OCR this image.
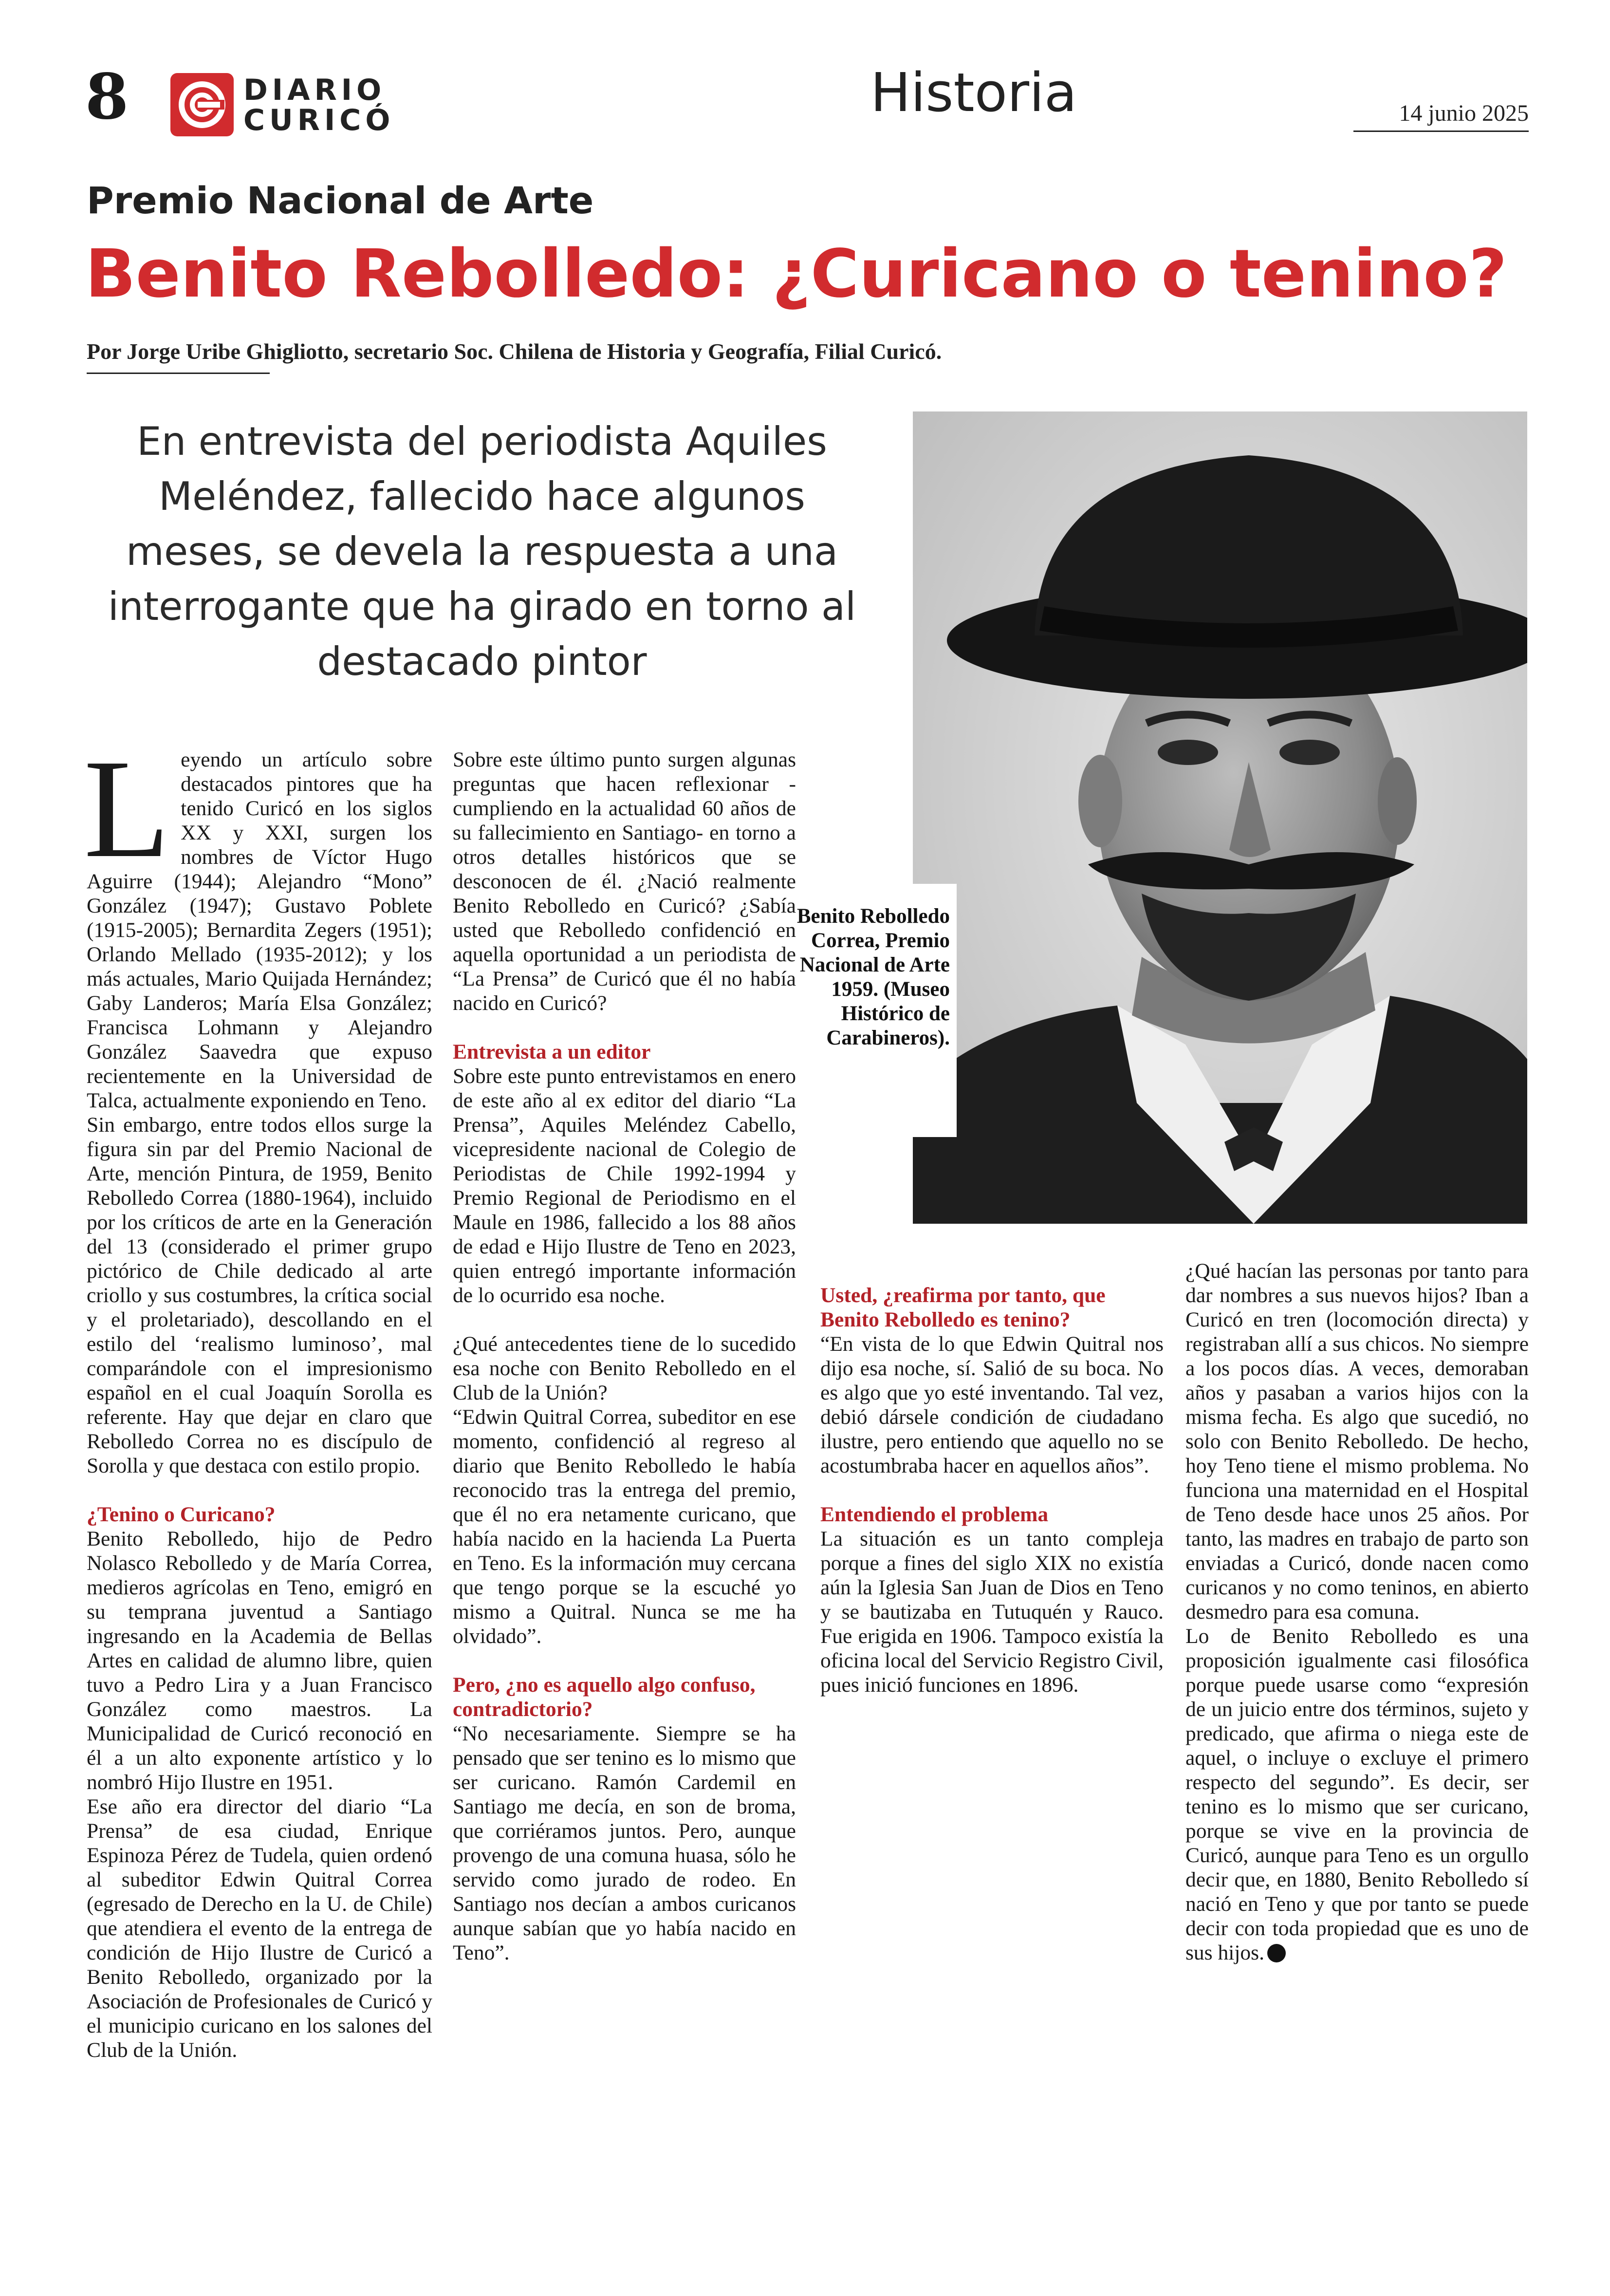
8	DIARIO
CURICÓ	Historia	14 junio 2025
Premio Nacional de Arte
Benito Rebolledo: ¿Curicano o tenino?
Por Jorge Uribe Ghigliotto, secretario Soc. Chilena de Historia y Geografía, Filial Curicó.
En entrevista del periodista Aquiles Meléndez, fallecido hace algunos meses, se devela la respuesta a una interrogante que ha girado en torno al destacado pintor
Benito Rebolledo Correa, Premio Nacional de Arte 1959. (Museo Histórico de Carabineros).
L eyendo un artículo sobre destacados pintores que ha tenido Curicó en los siglos XX y XXI, surgen los nombres de Víctor Hugo Aguirre (1944); Alejandro “Mono” González (1947); Gustavo Poblete (1915-2005); Bernardita Zegers (1951); Orlando Mellado (1935-2012); y los más actuales, Mario Quijada Hernández; Gaby Landeros; María Elsa González; Francisca Lohmann y Alejandro González Saavedra que expuso recientemente en la Universidad de Talca, actualmente exponiendo en Teno.

Sin embargo, entre todos ellos surge la figura sin par del Premio Nacional de Arte, mención Pintura, de 1959, Benito Rebolledo Correa (1880-1964), incluido por los críticos de arte en la Generación del 13 (considerado el primer grupo pictórico de Chile dedicado al arte criollo y sus costumbres, la crítica social y el proletariado), descollando en el estilo del ‘realismo luminoso’, mal comparándole con el impresionismo español en el cual Joaquín Sorolla es referente. Hay que dejar en claro que Rebolledo Correa no es discípulo de Sorolla y que destaca con estilo propio.

¿Tenino o Curicano?

Benito Rebolledo, hijo de Pedro Nolasco Rebolledo y de María Correa, medieros agrícolas en Teno, emigró en su temprana juventud a Santiago ingresando en la Academia de Bellas Artes en calidad de alumno libre, quien tuvo a Pedro Lira y a Juan Francisco González como maestros. La Municipalidad de Curicó reconoció en él a un alto exponente artístico y lo nombró Hijo Ilustre en 1951.

Ese año era director del diario “La Prensa” de esa ciudad, Enrique Espinoza Pérez de Tudela, quien ordenó al subeditor Edwin Quitral Correa (egresado de Derecho en la U. de Chile) que atendiera el evento de la entrega de condición de Hijo Ilustre de Curicó a Benito Rebolledo, organizado por la Asociación de Profesionales de Curicó y el municipio curicano en los salones del Club de la Unión.

Sobre este último punto surgen algunas preguntas que hacen reflexionar -cumpliendo en la actualidad 60 años de su fallecimiento en Santiago- en torno a otros detalles históricos que se desconocen de él. ¿Nació realmente Benito Rebolledo en Curicó? ¿Sabía usted que Rebolledo confidenció en aquella oportunidad a un periodista de “La Prensa” de Curicó que él no había nacido en Curicó?

Entrevista a un editor

Sobre este punto entrevistamos en enero de este año al ex editor del diario “La Prensa”, Aquiles Meléndez Cabello, vicepresidente nacional de Colegio de Periodistas de Chile 1992-1994 y Premio Regional de Periodismo en el Maule en 1986, fallecido a los 88 años de edad e Hijo Ilustre de Teno en 2023, quien entregó importante información de lo ocurrido esa noche.

¿Qué antecedentes tiene de lo sucedido esa noche con Benito Rebolledo en el Club de la Unión?

“Edwin Quitral Correa, subeditor en ese momento, confidenció al regreso al diario que Benito Rebolledo le había reconocido tras la entrega del premio, que él no era netamente curicano, que había nacido en la hacienda La Puerta en Teno. Es la información muy cercana que tengo porque se la escuché yo mismo a Quitral. Nunca se me ha olvidado”.

Pero, ¿no es aquello algo confuso, contradictorio?

“No necesariamente. Siempre se ha pensado que ser tenino es lo mismo que ser curicano. Ramón Cardemil en Santiago me decía, en son de broma, que corriéramos juntos. Pero, aunque provengo de una comuna huasa, sólo he servido como jurado de rodeo. En Santiago nos decían a ambos curicanos aunque sabían que yo había nacido en Teno”.

Usted, ¿reafirma por tanto, que Benito Rebolledo es tenino?

“En vista de lo que Edwin Quitral nos dijo esa noche, sí. Salió de su boca. No es algo que yo esté inventando. Tal vez, debió dársele condición de ciudadano ilustre, pero entiendo que aquello no se acostumbraba hacer en aquellos años”.

Entendiendo el problema

La situación es un tanto compleja porque a fines del siglo XIX no existía aún la Iglesia San Juan de Dios en Teno y se bautizaba en Tutuquén y Rauco. Fue erigida en 1906. Tampoco existía la oficina local del Servicio Registro Civil, pues inició funciones en 1896.

¿Qué hacían las personas por tanto para dar nombres a sus nuevos hijos? Iban a Curicó en tren (locomoción directa) y registraban allí a sus chicos. No siempre a los pocos días. A veces, demoraban años y pasaban a varios hijos con la misma fecha. Es algo que sucedió, no solo con Benito Rebolledo. De hecho, hoy Teno tiene el mismo problema. No funciona una maternidad en el Hospital de Teno desde hace unos 25 años. Por tanto, las madres en trabajo de parto son enviadas a Curicó, donde nacen como curicanos y no como teninos, en abierto desmedro para esa comuna.

Lo de Benito Rebolledo es una proposición igualmente casi filosófica porque puede usarse como “expresión de un juicio entre dos términos, sujeto y predicado, que afirma o niega este de aquel, o incluye o excluye el primero respecto del segundo”. Es decir, ser tenino es lo mismo que ser curicano, porque se vive en la provincia de Curicó, aunque para Teno es un orgullo decir que, en 1880, Benito Rebolledo sí nació en Teno y que por tanto se puede decir con toda propiedad que es uno de sus hijos.
